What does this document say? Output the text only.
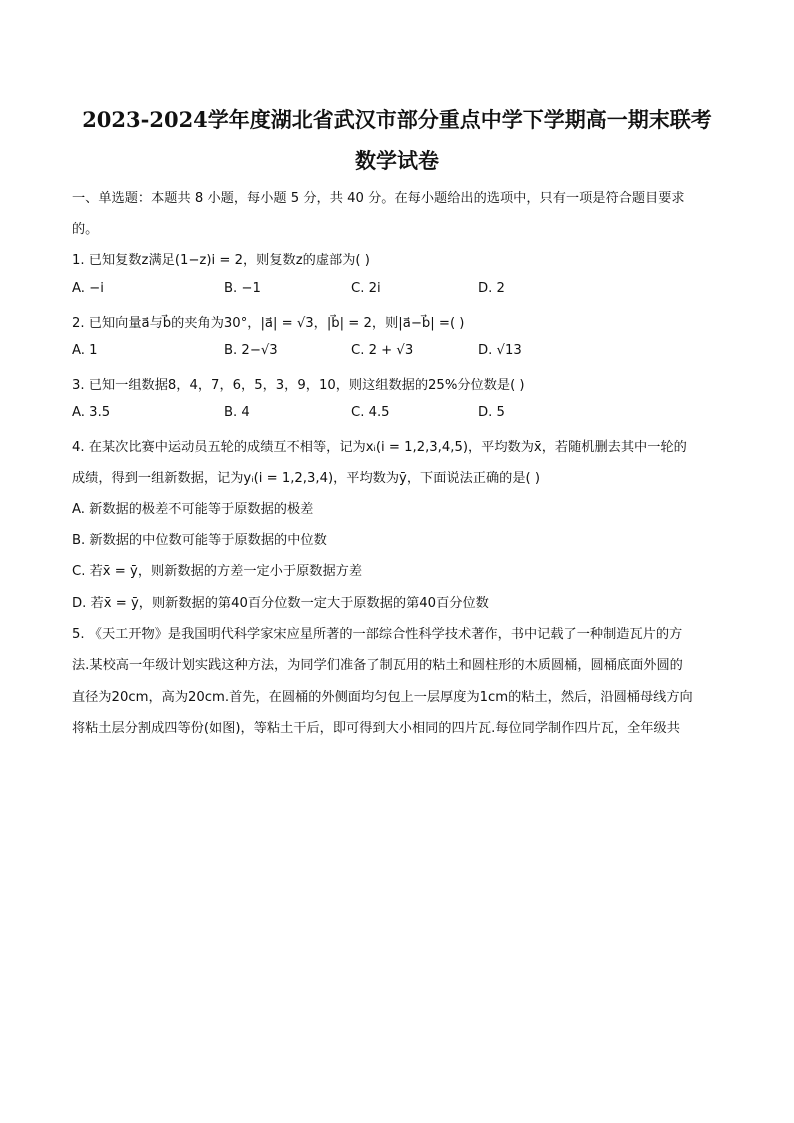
2023-2024学年度湖北省武汉市部分重点中学下学期高一期末联考
数学试卷
一、单选题：本题共 8 小题，每小题 5 分，共 40 分。在每小题给出的选项中，只有一项是符合题目要求
的。
1. 已知复数z满足(1−z)i = 2，则复数z的虚部为( )
A. −i	B. −1	C. 2i	D. 2
2. 已知向量a⃗与b⃗的夹角为30°，|a⃗| = √3，|b⃗| = 2，则|a⃗−b⃗| =( )
A. 1	B. 2−√3	C. 2 + √3	D. √13
3. 已知一组数据8，4，7，6，5，3，9，10，则这组数据的25%分位数是( )
A. 3.5	B. 4	C. 4.5	D. 5
4. 在某次比赛中运动员五轮的成绩互不相等，记为xᵢ(i = 1,2,3,4,5)，平均数为x̄，若随机删去其中一轮的
成绩，得到一组新数据，记为yᵢ(i = 1,2,3,4)，平均数为ȳ，下面说法正确的是( )
A. 新数据的极差不可能等于原数据的极差
B. 新数据的中位数可能等于原数据的中位数
C. 若x̄ = ȳ，则新数据的方差一定小于原数据方差
D. 若x̄ = ȳ，则新数据的第40百分位数一定大于原数据的第40百分位数
5. 《天工开物》是我国明代科学家宋应星所著的一部综合性科学技术著作，书中记载了一种制造瓦片的方
法.某校高一年级计划实践这种方法，为同学们准备了制瓦用的粘土和圆柱形的木质圆桶，圆桶底面外圆的
直径为20cm，高为20cm.首先，在圆桶的外侧面均匀包上一层厚度为1cm的粘土，然后，沿圆桶母线方向
将粘土层分割成四等份(如图)，等粘土干后，即可得到大小相同的四片瓦.每位同学制作四片瓦，全年级共
